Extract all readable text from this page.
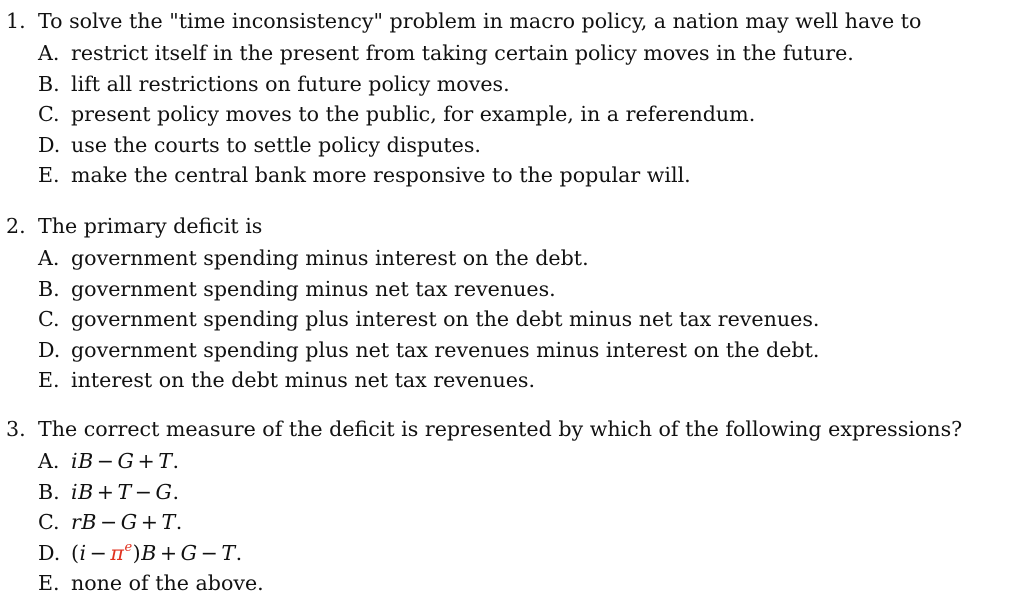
1. To solve the "time inconsistency" problem in macro policy, a nation may well have to
A. restrict itself in the present from taking certain policy moves in the future.
B. lift all restrictions on future policy moves.
C. present policy moves to the public, for example, in a referendum.
D. use the courts to settle policy disputes.
E. make the central bank more responsive to the popular will.
2. The primary deficit is
A. government spending minus interest on the debt.
B. government spending minus net tax revenues.
C. government spending plus interest on the debt minus net tax revenues.
D. government spending plus net tax revenues minus interest on the debt.
E. interest on the debt minus net tax revenues.
3. The correct measure of the deficit is represented by which of the following expressions?
A. iB − G + T.
B. iB + T − G.
C. rB − G + T.
D. $(i - \pi^e)B + G - T$.
E. none of the above.
